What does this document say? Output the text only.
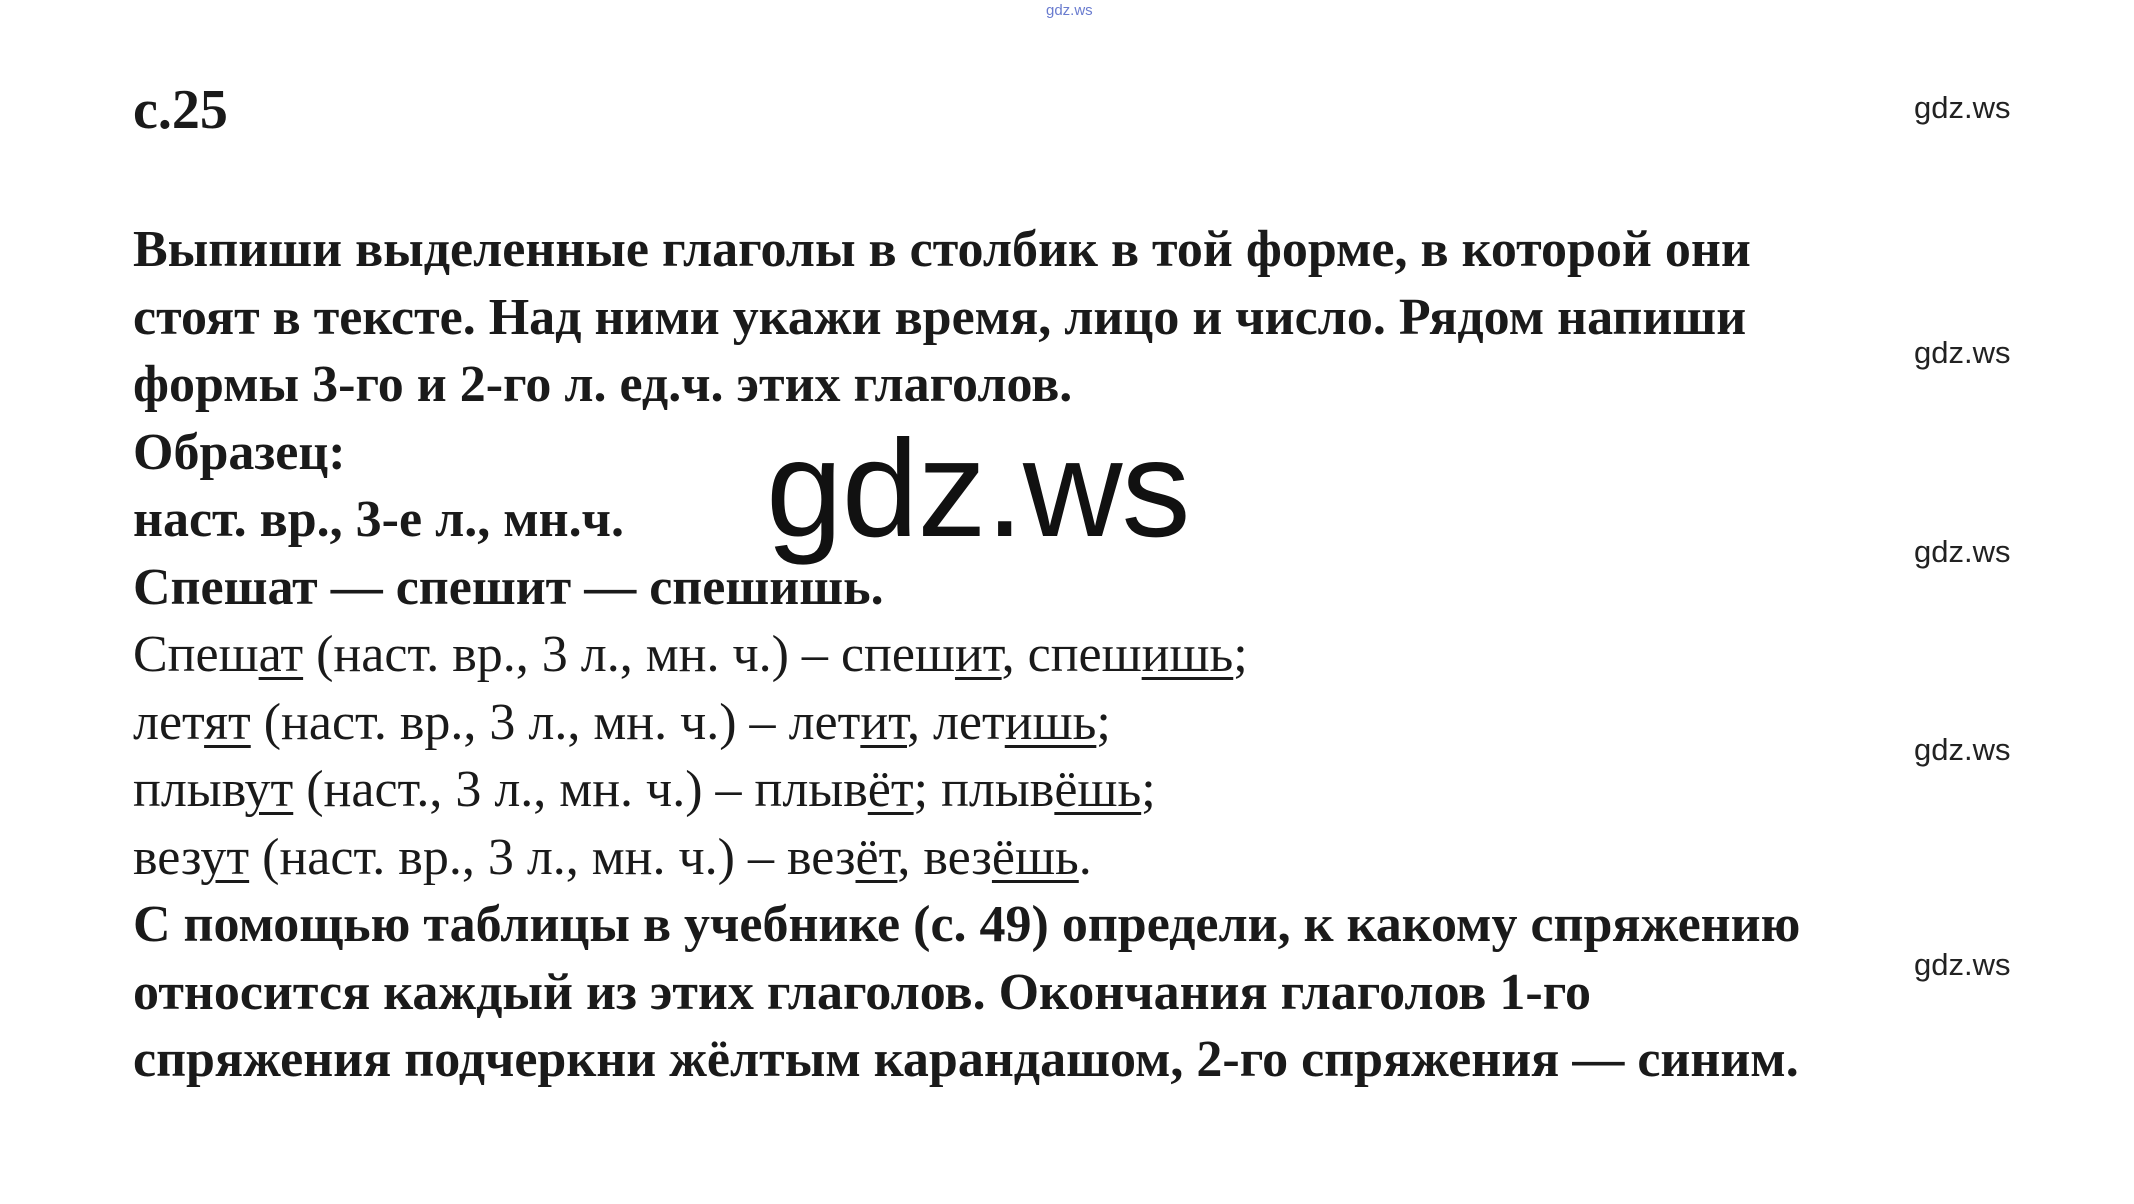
gdz.ws
gdz.ws
gdz.ws
gdz.ws
gdz.ws
gdz.ws
с.25
Выпиши выделенные глаголы в столбик в той форме, в которой они
стоят в тексте. Над ними укажи время, лицо и число. Рядом напиши
формы 3-го и 2-го л. ед.ч. этих глаголов.
Образец:
наст. вр., 3-е л., мн.ч.
Спешат — спешит — спешишь.
Спешат (наст. вр., 3 л., мн. ч.) – спешит, спешишь;
летят (наст. вр., 3 л., мн. ч.) – летит, летишь;
плывут (наст., 3 л., мн. ч.) – плывёт; плывёшь;
везут (наст. вр., 3 л., мн. ч.) – везёт, везёшь.
С помощью таблицы в учебнике (с. 49) определи, к какому спряжению
относится каждый из этих глаголов. Окончания глаголов 1-го
спряжения подчеркни жёлтым карандашом, 2-го спряжения — синим.
gdz.ws
